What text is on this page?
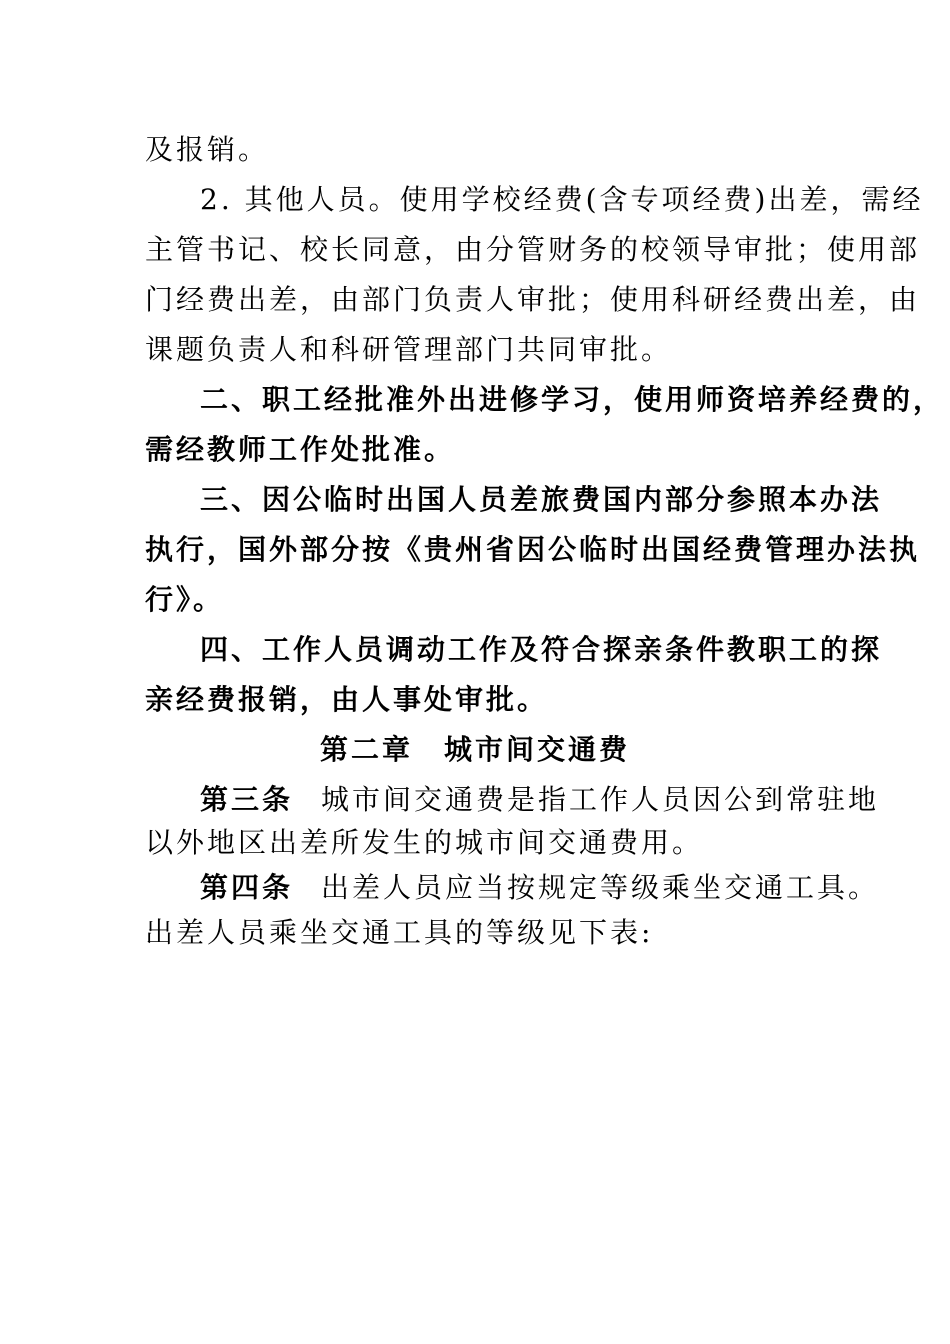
及报销。
2. 其他人员。使用学校经费(含专项经费)出差，需经
主管书记、校长同意，由分管财务的校领导审批；使用部
门经费出差，由部门负责人审批；使用科研经费出差，由
课题负责人和科研管理部门共同审批。
二、职工经批准外出进修学习，使用师资培养经费的，
需经教师工作处批准。
三、因公临时出国人员差旅费国内部分参照本办法
执行，国外部分按《贵州省因公临时出国经费管理办法执
行》。
四、工作人员调动工作及符合探亲条件教职工的探
亲经费报销，由人事处审批。
第二章　城市间交通费
第三条 城市间交通费是指工作人员因公到常驻地
以外地区出差所发生的城市间交通费用。
第四条 出差人员应当按规定等级乘坐交通工具。
出差人员乘坐交通工具的等级见下表:
